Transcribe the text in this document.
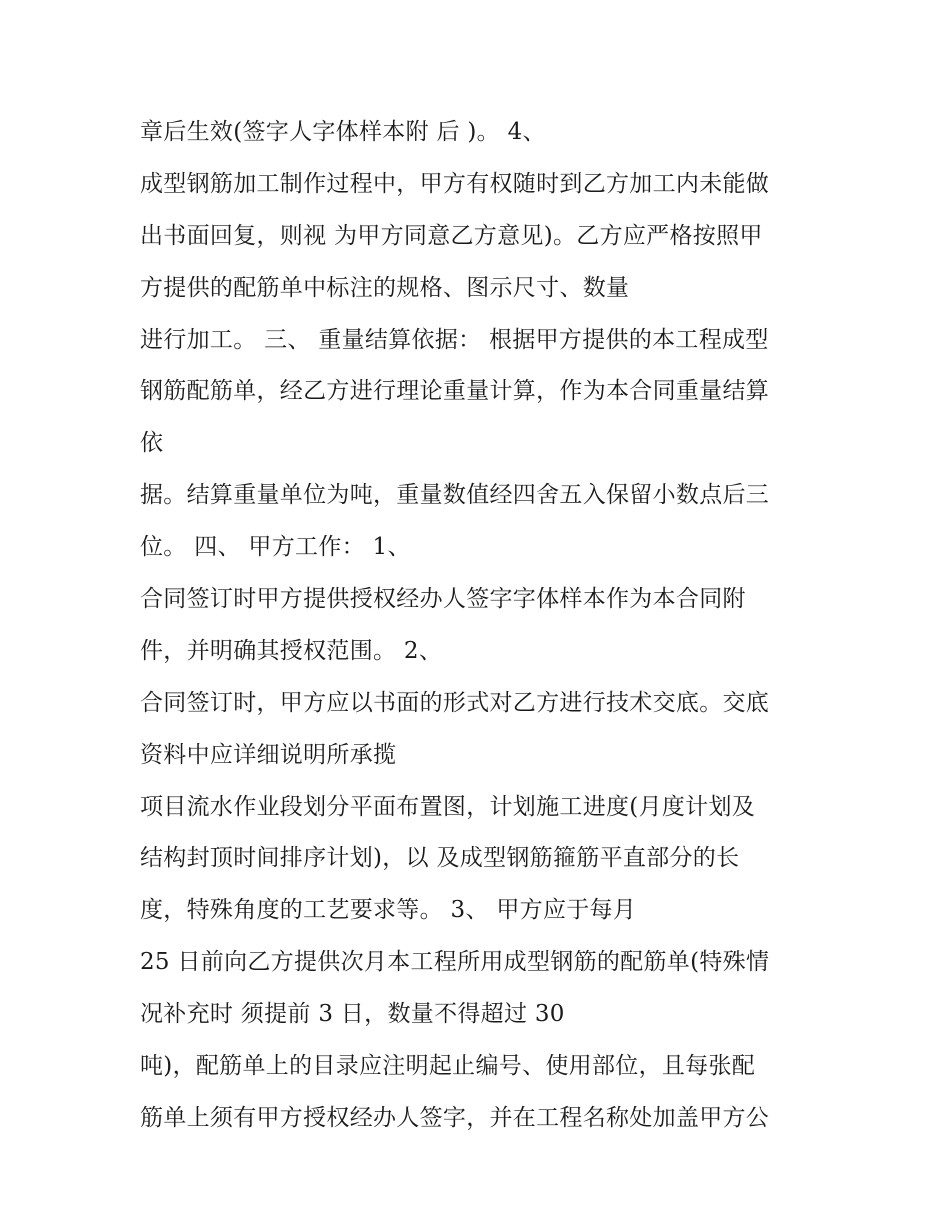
章后生效(签字人字体样本附 后 )。 4、
成型钢筋加工制作过程中，甲方有权随时到乙方加工内未能做
出书面回复，则视 为甲方同意乙方意见)。乙方应严格按照甲
方提供的配筋单中标注的规格、图示尺寸、数量
进行加工。 三、 重量结算依据： 根据甲方提供的本工程成型
钢筋配筋单，经乙方进行理论重量计算，作为本合同重量结算
依
据。结算重量单位为吨，重量数值经四舍五入保留小数点后三
位。 四、 甲方工作： 1、
合同签订时甲方提供授权经办人签字字体样本作为本合同附
件，并明确其授权范围。 2、
合同签订时，甲方应以书面的形式对乙方进行技术交底。交底
资料中应详细说明所承揽
项目流水作业段划分平面布置图，计划施工进度(月度计划及
结构封顶时间排序计划)，以 及成型钢筋箍筋平直部分的长
度，特殊角度的工艺要求等。 3、 甲方应于每月
25 日前向乙方提供次月本工程所用成型钢筋的配筋单(特殊情
况补充时 须提前 3 日，数量不得超过 30
吨)，配筋单上的目录应注明起止编号、使用部位，且每张配
筋单上须有甲方授权经办人签字，并在工程名称处加盖甲方公
